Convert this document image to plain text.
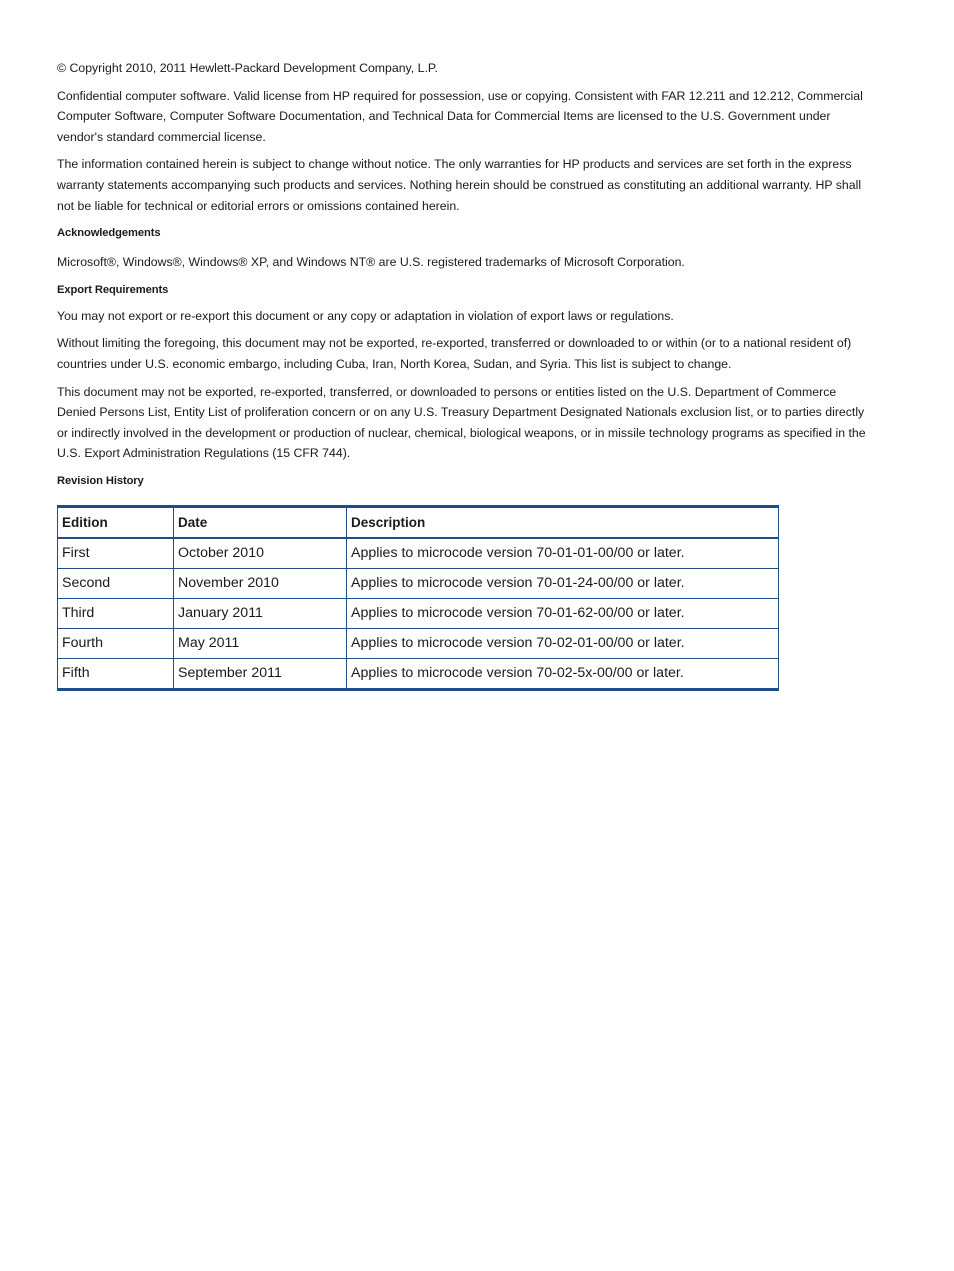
© Copyright 2010, 2011 Hewlett-Packard Development Company, L.P.

Confidential computer software. Valid license from HP required for possession, use or copying. Consistent with FAR 12.211 and 12.212, Commercial Computer Software, Computer Software Documentation, and Technical Data for Commercial Items are licensed to the U.S. Government under vendor's standard commercial license.

The information contained herein is subject to change without notice. The only warranties for HP products and services are set forth in the express warranty statements accompanying such products and services. Nothing herein should be construed as constituting an additional warranty. HP shall not be liable for technical or editorial errors or omissions contained herein.

Acknowledgements

Microsoft®, Windows®, Windows® XP, and Windows NT® are U.S. registered trademarks of Microsoft Corporation.

Export Requirements

You may not export or re-export this document or any copy or adaptation in violation of export laws or regulations.

Without limiting the foregoing, this document may not be exported, re-exported, transferred or downloaded to or within (or to a national resident of) countries under U.S. economic embargo, including Cuba, Iran, North Korea, Sudan, and Syria. This list is subject to change.

This document may not be exported, re-exported, transferred, or downloaded to persons or entities listed on the U.S. Department of Commerce Denied Persons List, Entity List of proliferation concern or on any U.S. Treasury Department Designated Nationals exclusion list, or to parties directly or indirectly involved in the development or production of nuclear, chemical, biological weapons, or in missile technology programs as specified in the U.S. Export Administration Regulations (15 CFR 744).

Revision History

Edition	Date	Description
First	October 2010	Applies to microcode version 70-01-01-00/00 or later.
Second	November 2010	Applies to microcode version 70-01-24-00/00 or later.
Third	January 2011	Applies to microcode version 70-01-62-00/00 or later.
Fourth	May 2011	Applies to microcode version 70-02-01-00/00 or later.
Fifth	September 2011	Applies to microcode version 70-02-5x-00/00 or later.
